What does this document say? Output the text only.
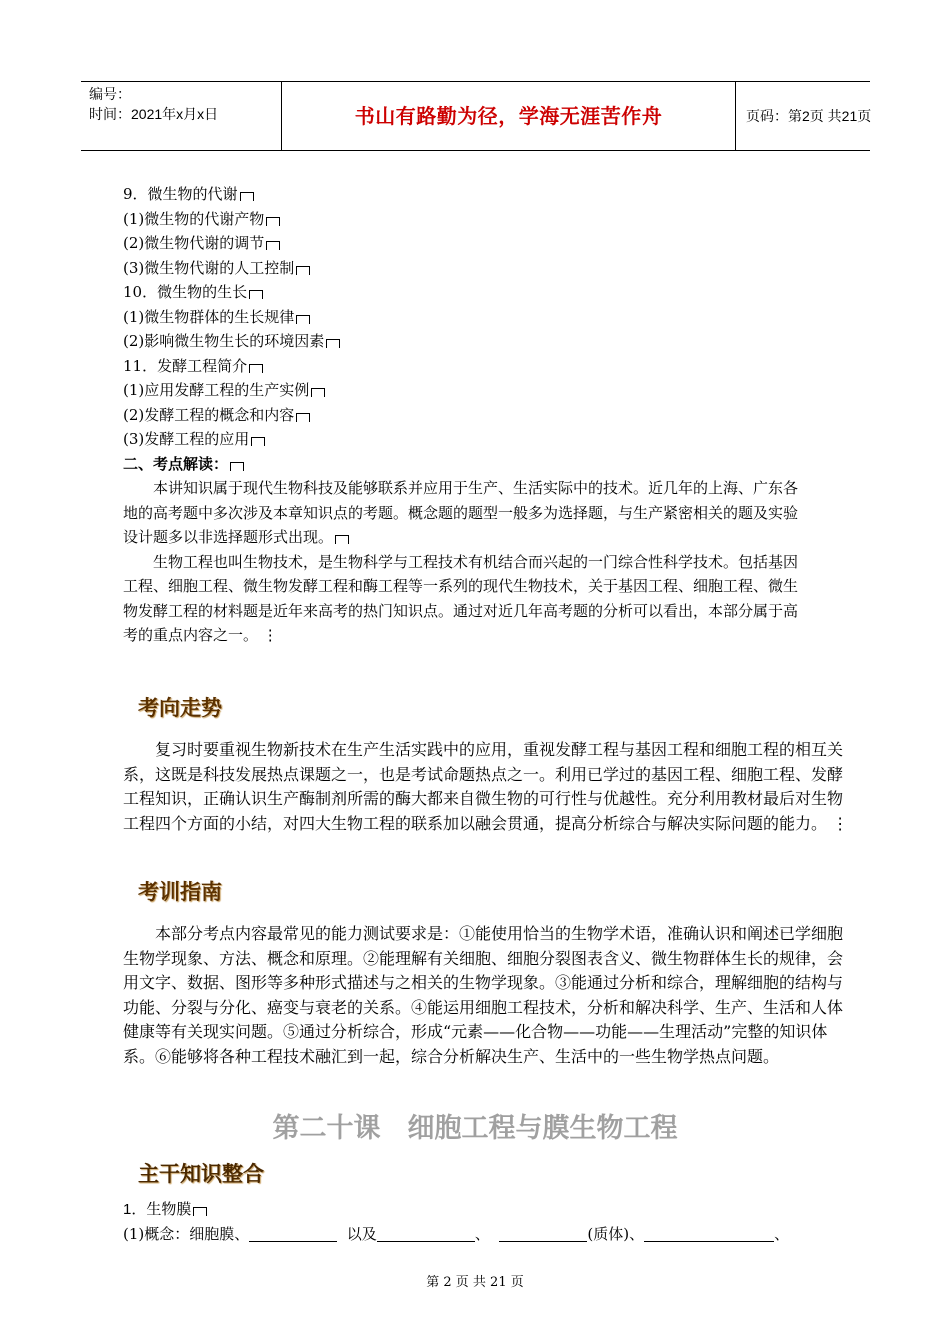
编号：
时间：2021年x月x日	书山有路勤为径，学海无涯苦作舟	页码：第2页 共21页
9．微生物的代谢
(1)微生物的代谢产物
(2)微生物代谢的调节
(3)微生物代谢的人工控制
10．微生物的生长
(1)微生物群体的生长规律
(2)影响微生物生长的环境因素
11．发酵工程简介
(1)应用发酵工程的生产实例
(2)发酵工程的概念和内容
(3)发酵工程的应用
二、考点解读：
　　本讲知识属于现代生物科技及能够联系并应用于生产、生活实际中的技术。近几年的上海、广东各
地的高考题中多次涉及本章知识点的考题。概念题的题型一般多为选择题，与生产紧密相关的题及实验
设计题多以非选择题形式出现。
　　生物工程也叫生物技术，是生物科学与工程技术有机结合而兴起的一门综合性科学技术。包括基因
工程、细胞工程、微生物发酵工程和酶工程等一系列的现代生物技术，关于基因工程、细胞工程、微生
物发酵工程的材料题是近年来高考的热门知识点。通过对近几年高考题的分析可以看出，本部分属于高
考的重点内容之一。 ⋮
考向走势
　　复习时要重视生物新技术在生产生活实践中的应用，重视发酵工程与基因工程和细胞工程的相互关
系，这既是科技发展热点课题之一，也是考试命题热点之一。利用已学过的基因工程、细胞工程、发酵
工程知识，正确认识生产酶制剂所需的酶大都来自微生物的可行性与优越性。充分利用教材最后对生物
工程四个方面的小结，对四大生物工程的联系加以融会贯通，提高分析综合与解决实际问题的能力。 ⋮
考训指南
　　本部分考点内容最常见的能力测试要求是：①能使用恰当的生物学术语，准确认识和阐述已学细胞
生物学现象、方法、概念和原理。②能理解有关细胞、细胞分裂图表含义、微生物群体生长的规律，会
用文字、数据、图形等多种形式描述与之相关的生物学现象。③能通过分析和综合，理解细胞的结构与
功能、分裂与分化、癌变与衰老的关系。④能运用细胞工程技术，分析和解决科学、生产、生活和人体
健康等有关现实问题。⑤通过分析综合，形成“元素——化合物——功能——生理活动”完整的知识体
系。⑥能够将各种工程技术融汇到一起，综合分析解决生产、生活中的一些生物学热点问题。
第二十课　细胞工程与膜生物工程
主干知识整合
1．生物膜
(1)概念：细胞膜、	以及	、	(质体)、	、
第 2 页 共 21 页
